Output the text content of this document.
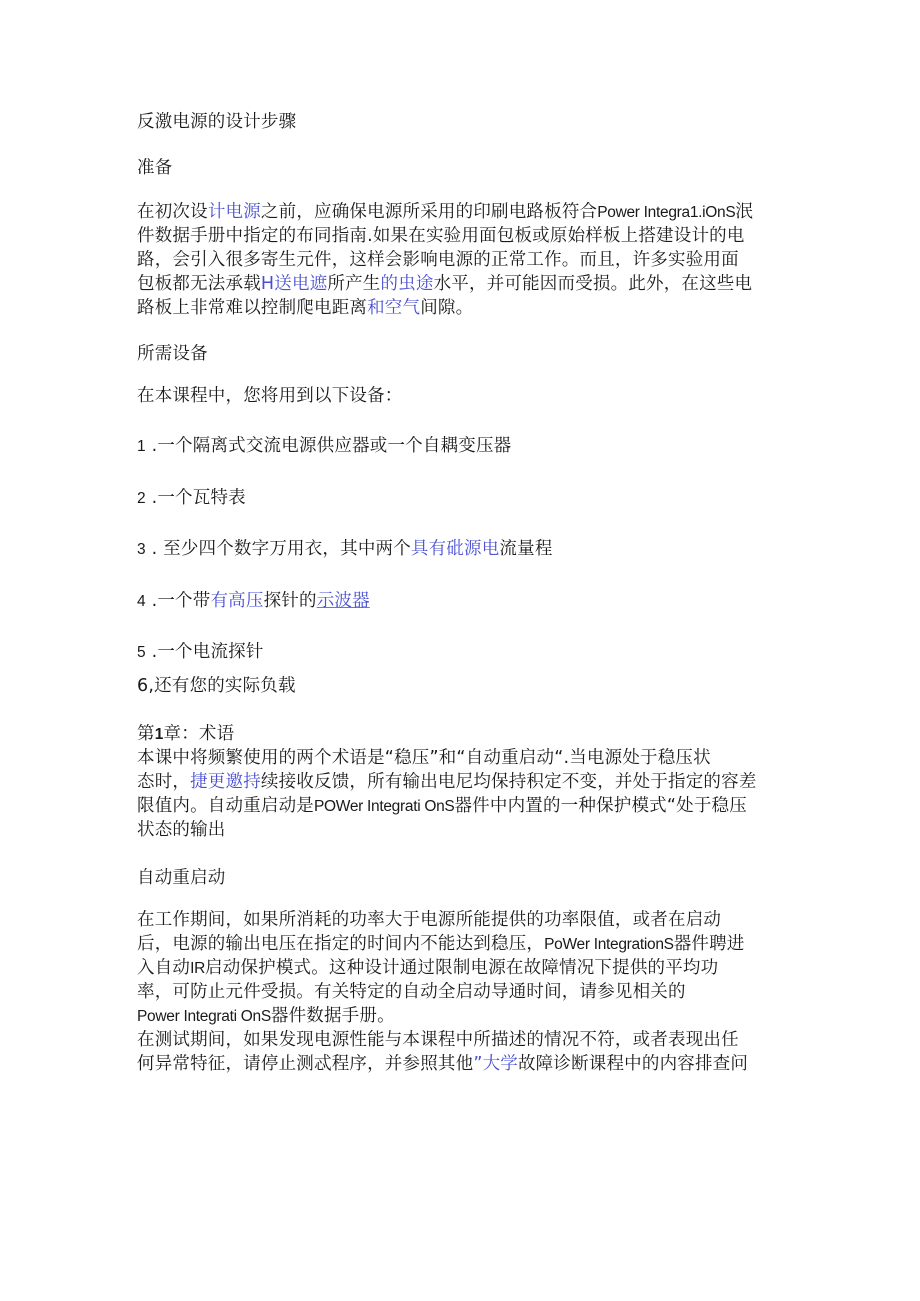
反激电源的设计步骤
准备
在初次设计电源之前，应确保电源所采用的印刷电路板符合Power Integra1.iOnS泯
件数据手册中指定的布同指南.如果在实验用面包板或原始样板上搭建设计的电
路，会引入很多寄生元件，这样会影响电源的正常工作。而且，许多实验用面
包板都无法承载H送电遮所产生的虫途水平，并可能因而受损。此外，在这些电
路板上非常难以控制爬电距离和空气间隙。
所需设备
在本课程中，您将用到以下设备：
1 .一个隔离式交流电源供应器或一个自耦变压器
2 .一个瓦特表
3 . 至少四个数字万用衣，其中两个具有砒源电流量程
4 .一个带有高压探针的示波器
5 .一个电流探针
6,还有您的实际负载
第1章：术语
本课中将频繁使用的两个术语是“稳压”和“自动重启动“.当电源处于稳压状
态时，捷更邀持续接收反馈，所有输出电尼均保持积定不变，并处于指定的容差
限值内。自动重启动是POWer Integrati OnS器件中内置的一种保护模式“处于稳压
状态的输出
自动重启动
在工作期间，如果所消耗的功率大于电源所能提供的功率限值，或者在启动
后，电源的输出电压在指定的时间内不能达到稳压，PoWer IntegrationS器件聘进
入自动IR启动保护模式。这种设计通过限制电源在故障情况下提供的平均功
率，可防止元件受损。有关特定的自动全启动导通时间，请参见相关的
Power Integrati OnS器件数据手册。
在测试期间，如果发现电源性能与本课程中所描述的情况不符，或者表现出任
何异常特征，请停止测忒程序，并参照其他”大学故障诊断课程中的内容排查问
